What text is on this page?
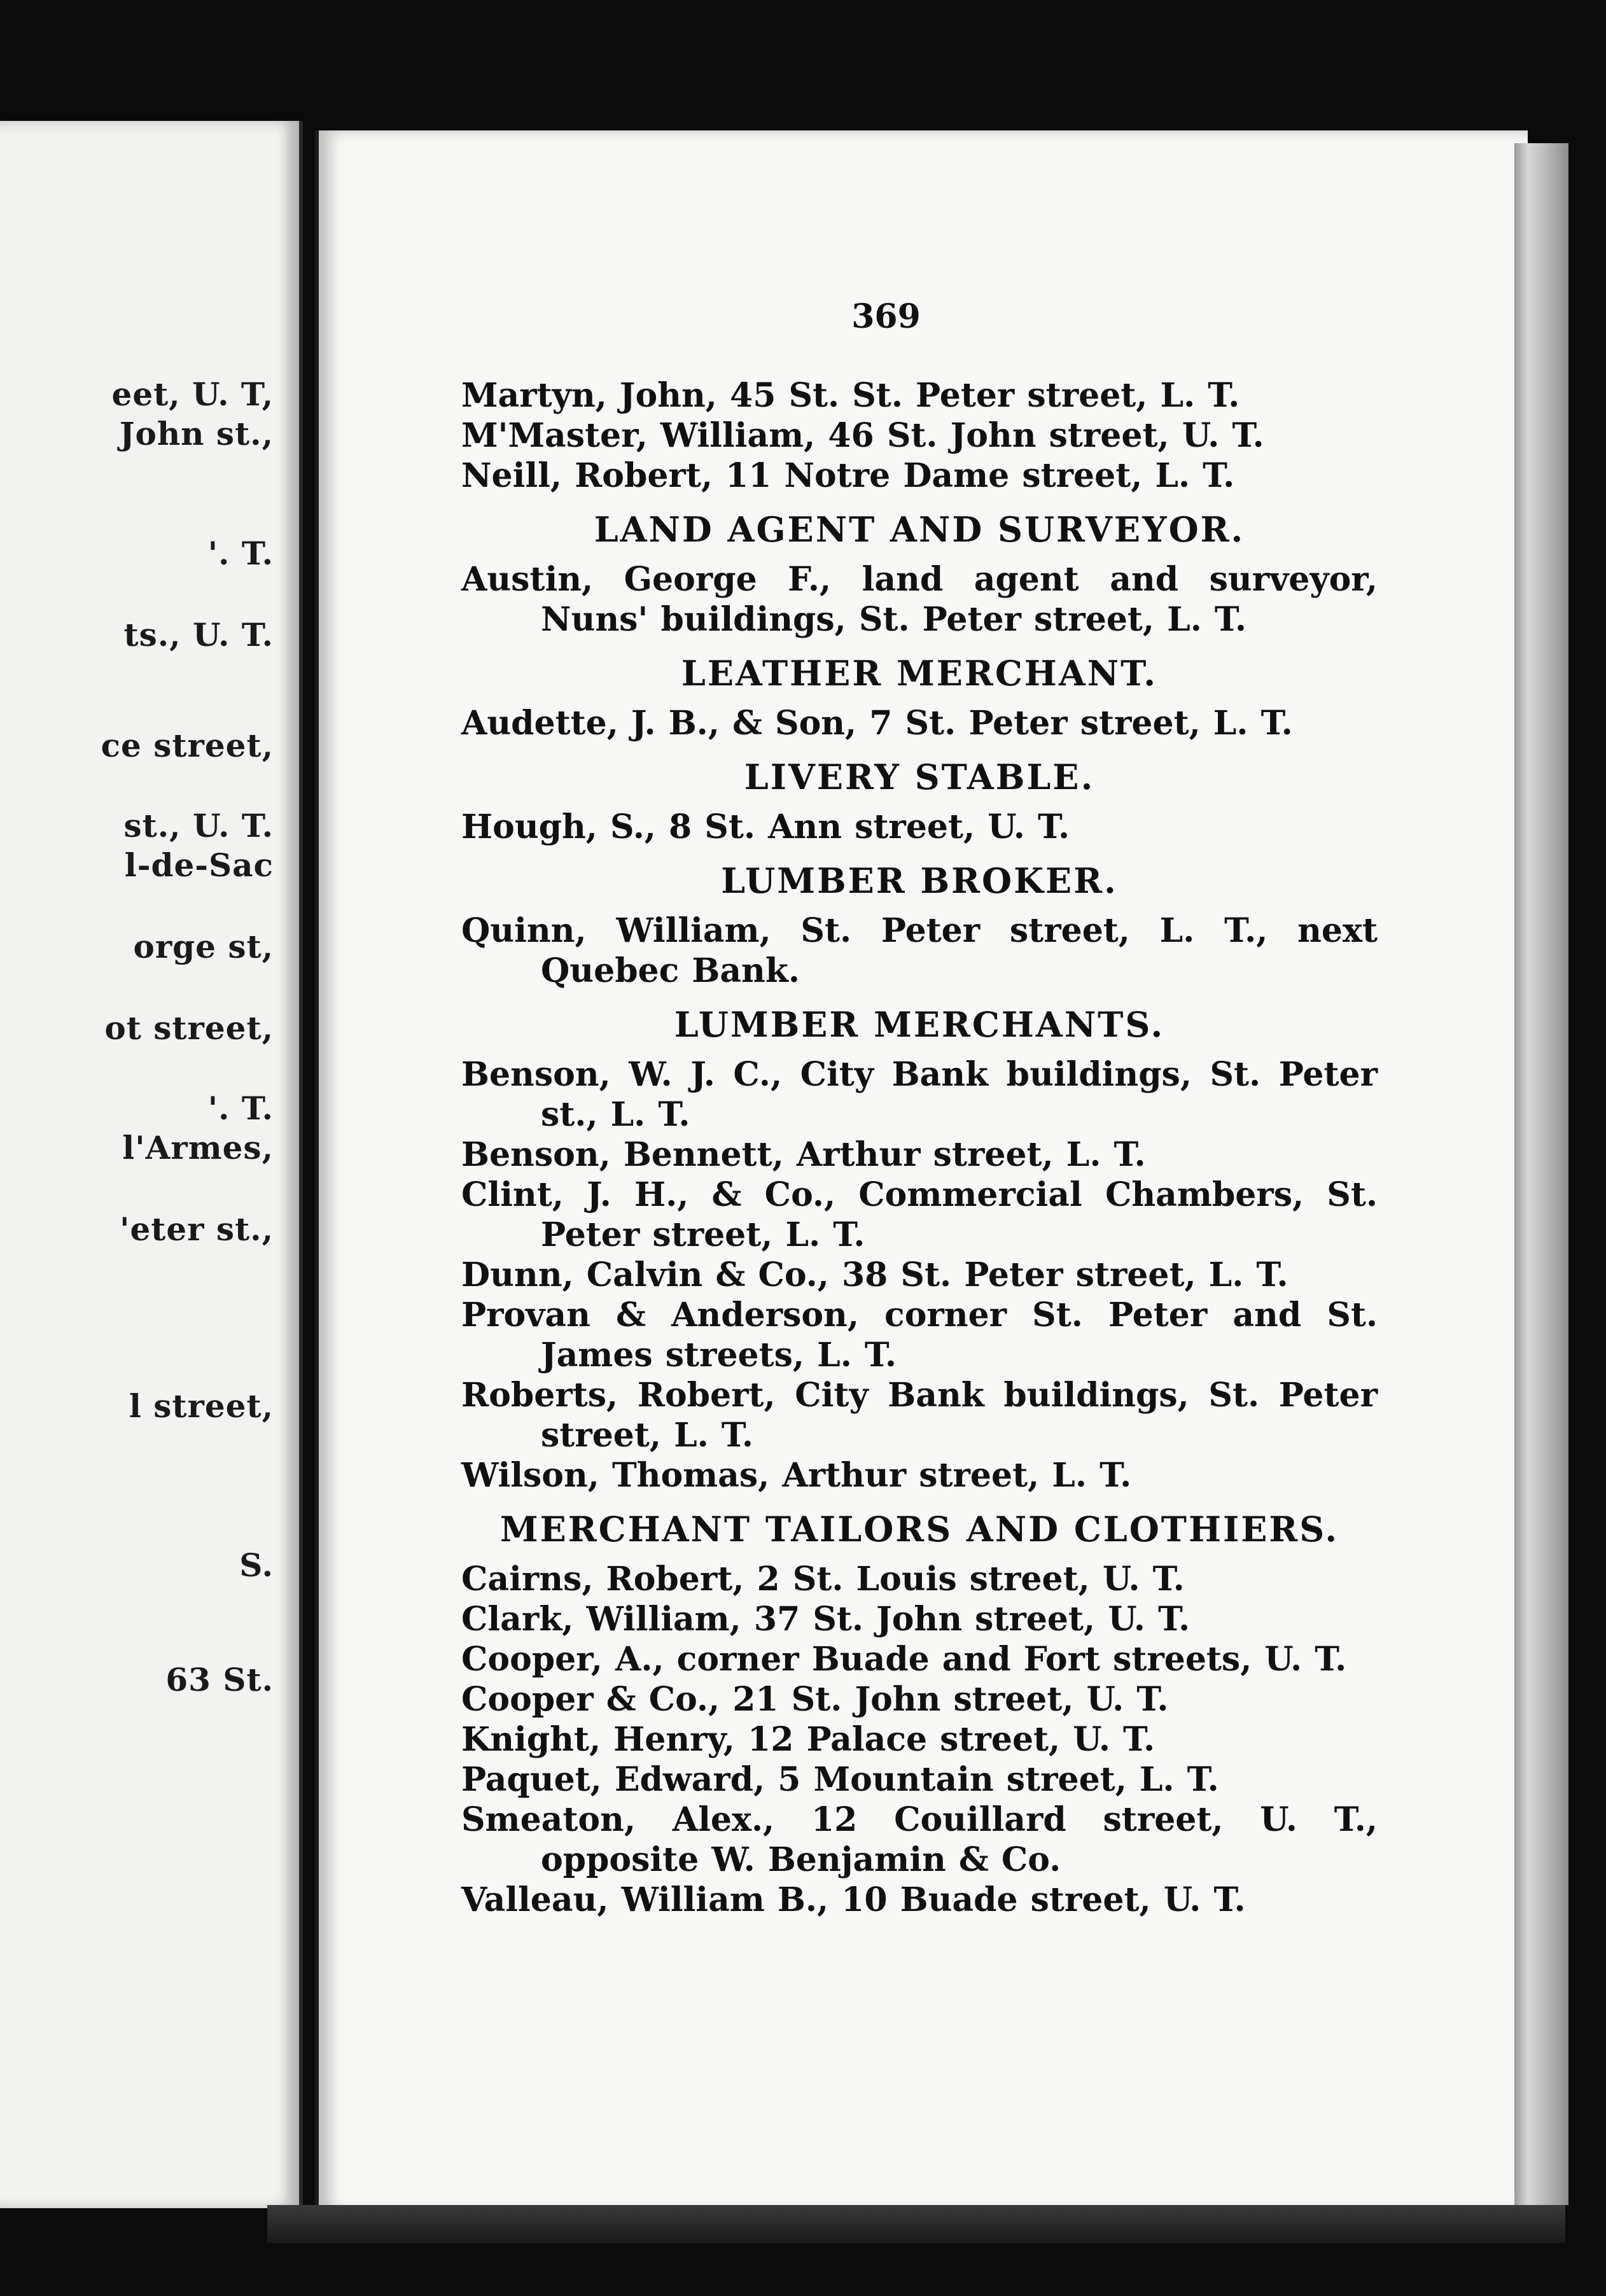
eet, U. T,
John st.,
'. T.
ts., U. T.
ce street,
st., U. T.
l-de-Sac
orge st,
ot street,
'. T.
l'Armes,
'eter st.,
l street,
S.
63 St.
369
Martyn, John, 45 St. St. Peter street, L. T.
M'Master, William, 46 St. John street, U. T.
Neill, Robert, 11 Notre Dame street, L. T.
LAND AGENT AND SURVEYOR.
Austin, George F., land agent and surveyor, Nuns' buildings, St. Peter street, L. T.
LEATHER MERCHANT.
Audette, J. B., & Son, 7 St. Peter street, L. T.
LIVERY STABLE.
Hough, S., 8 St. Ann street, U. T.
LUMBER BROKER.
Quinn, William, St. Peter street, L. T., next Quebec Bank.
LUMBER MERCHANTS.
Benson, W. J. C., City Bank buildings, St. Peter st., L. T.
Benson, Bennett, Arthur street, L. T.
Clint, J. H., & Co., Commercial Chambers, St. Peter street, L. T.
Dunn, Calvin & Co., 38 St. Peter street, L. T.
Provan & Anderson, corner St. Peter and St. James streets, L. T.
Roberts, Robert, City Bank buildings, St. Peter street, L. T.
Wilson, Thomas, Arthur street, L. T.
MERCHANT TAILORS AND CLOTHIERS.
Cairns, Robert, 2 St. Louis street, U. T.
Clark, William, 37 St. John street, U. T.
Cooper, A., corner Buade and Fort streets, U. T.
Cooper & Co., 21 St. John street, U. T.
Knight, Henry, 12 Palace street, U. T.
Paquet, Edward, 5 Mountain street, L. T.
Smeaton, Alex., 12 Couillard street, U. T., opposite W. Benjamin & Co.
Valleau, William B., 10 Buade street, U. T.
